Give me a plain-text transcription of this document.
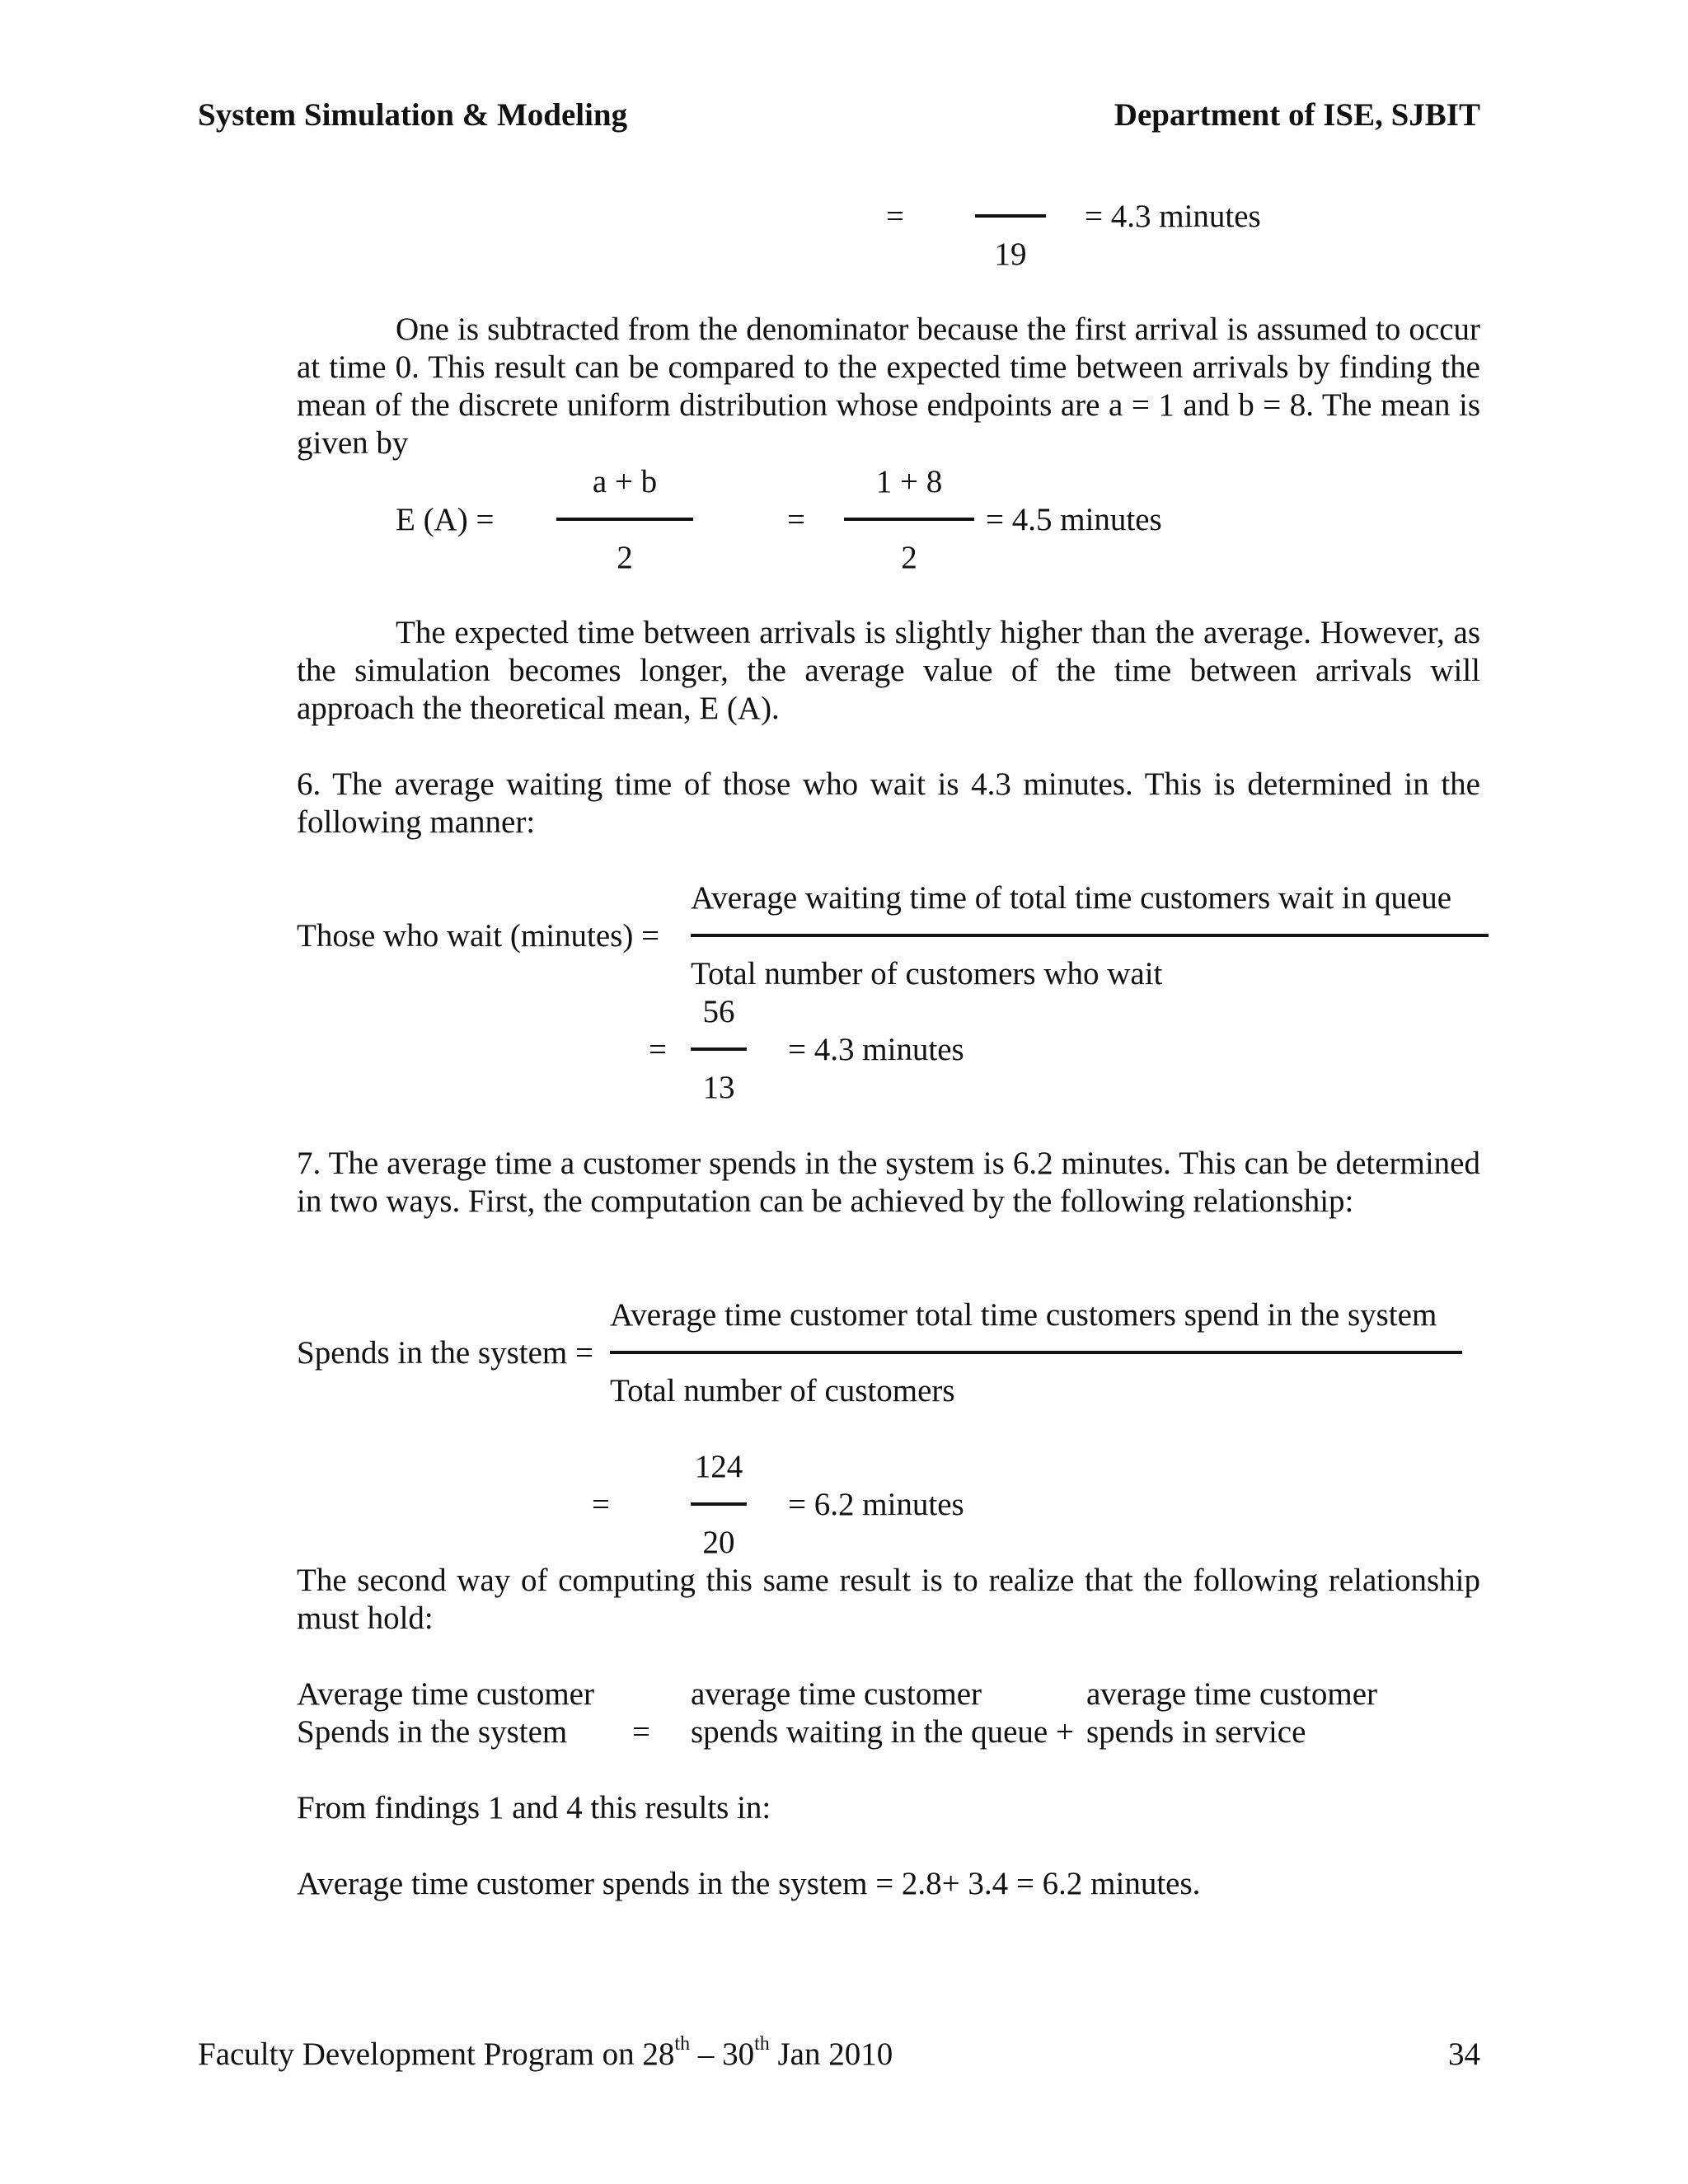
System Simulation & Modeling	Department of ISE, SJBIT
=	= 4.3 minutes
19
One is subtracted from the denominator because the first arrival is assumed to occur at time 0. This result can be compared to the expected time between arrivals by finding the mean of the discrete uniform distribution whose endpoints are a = 1 and b = 8. The mean is given by
a + b	1 + 8
E (A) =	=	= 4.5 minutes
2	2
The expected time between arrivals is slightly higher than the average. However, as the simulation becomes longer, the average value of the time between arrivals will approach the theoretical mean, E (A).
6. The average waiting time of those who wait is 4.3 minutes. This is determined in the following manner:
Average waiting time of total time customers wait in queue
Those who wait (minutes) =
Total number of customers who wait
56
=	= 4.3 minutes
13
7. The average time a customer spends in the system is 6.2 minutes. This can be determined in two ways. First, the computation can be achieved by the following relationship:
Average time customer total time customers spend in the system
Spends in the system =
Total number of customers
124
=	= 6.2 minutes
20
The second way of computing this same result is to realize that the following relationship must hold:
Average time customer	average time customer	average time customer
Spends in the system = spends waiting in the queue + spends in service
From findings 1 and 4 this results in:
Average time customer spends in the system = 2.8+ 3.4 = 6.2 minutes.
Faculty Development Program on 28th – 30th Jan 2010	34
